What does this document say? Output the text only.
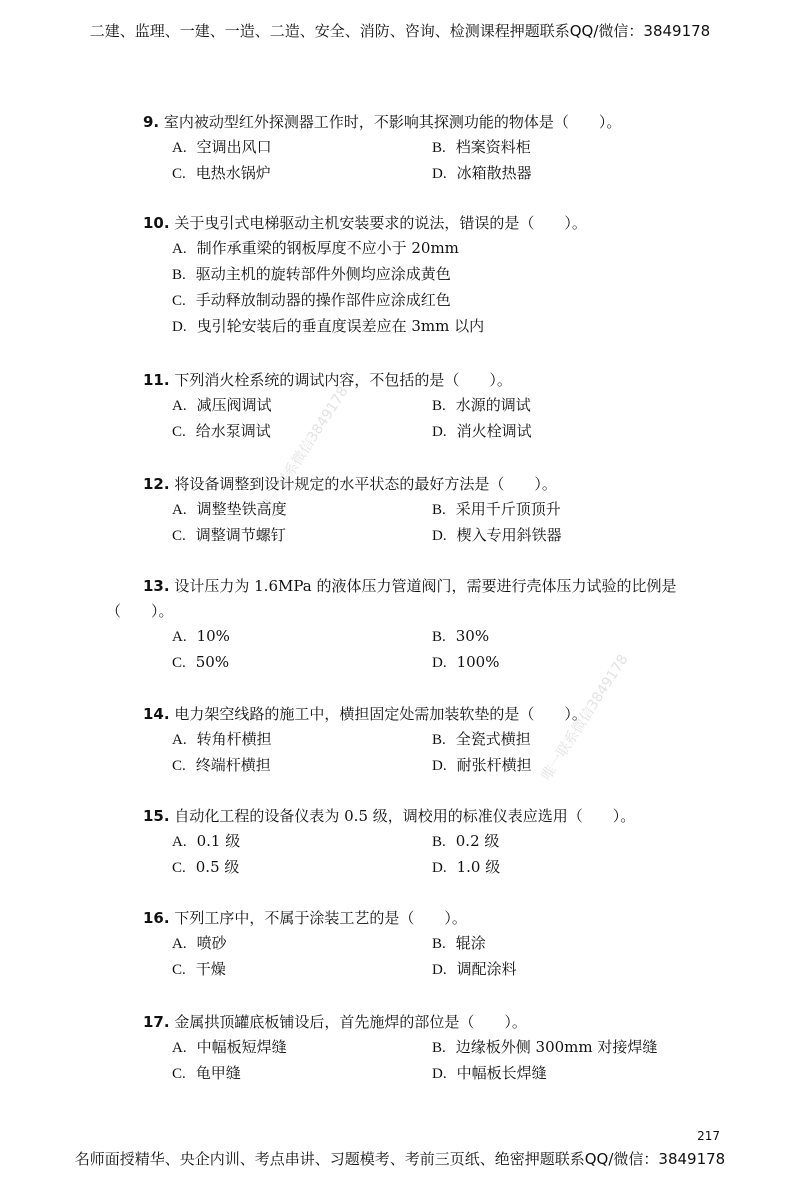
二建、监理、一建、一造、二造、安全、消防、咨询、检测课程押题联系QQ/微信：3849178
唯一联系微信3849178
唯一联系微信3849178
9. 室内被动型红外探测器工作时，不影响其探测功能的物体是（　　）。
A. 空调出风口	B. 档案资料柜 C. 电热水锅炉	D. 冰箱散热器
10. 关于曳引式电梯驱动主机安装要求的说法，错误的是（　　）。
A. 制作承重梁的钢板厚度不应小于 20mm
B. 驱动主机的旋转部件外侧均应涂成黄色
C. 手动释放制动器的操作部件应涂成红色
D. 曳引轮安装后的垂直度误差应在 3mm 以内
11. 下列消火栓系统的调试内容，不包括的是（　　）。
A. 减压阀调试	B. 水源的调试 C. 给水泵调试	D. 消火栓调试
12. 将设备调整到设计规定的水平状态的最好方法是（　　）。
A. 调整垫铁高度	B. 采用千斤顶顶升 C. 调整调节螺钉	D. 楔入专用斜铁器
13. 设计压力为 1.6MPa 的液体压力管道阀门，需要进行壳体压力试验的比例是
（　　）。
A. 10%	B. 30% C. 50%	D. 100%
14. 电力架空线路的施工中，横担固定处需加装软垫的是（　　）。
A. 转角杆横担	B. 全瓷式横担 C. 终端杆横担	D. 耐张杆横担
15. 自动化工程的设备仪表为 0.5 级，调校用的标准仪表应选用（　　）。
A. 0.1 级	B. 0.2 级 C. 0.5 级	D. 1.0 级
16. 下列工序中，不属于涂装工艺的是（　　）。
A. 喷砂	B. 辊涂 C. 干燥	D. 调配涂料
17. 金属拱顶罐底板铺设后，首先施焊的部位是（　　）。
A. 中幅板短焊缝	B. 边缘板外侧 300mm 对接焊缝 C. 龟甲缝	D. 中幅板长焊缝
217
名师面授精华、央企内训、考点串讲、习题模考、考前三页纸、绝密押题联系QQ/微信：3849178
